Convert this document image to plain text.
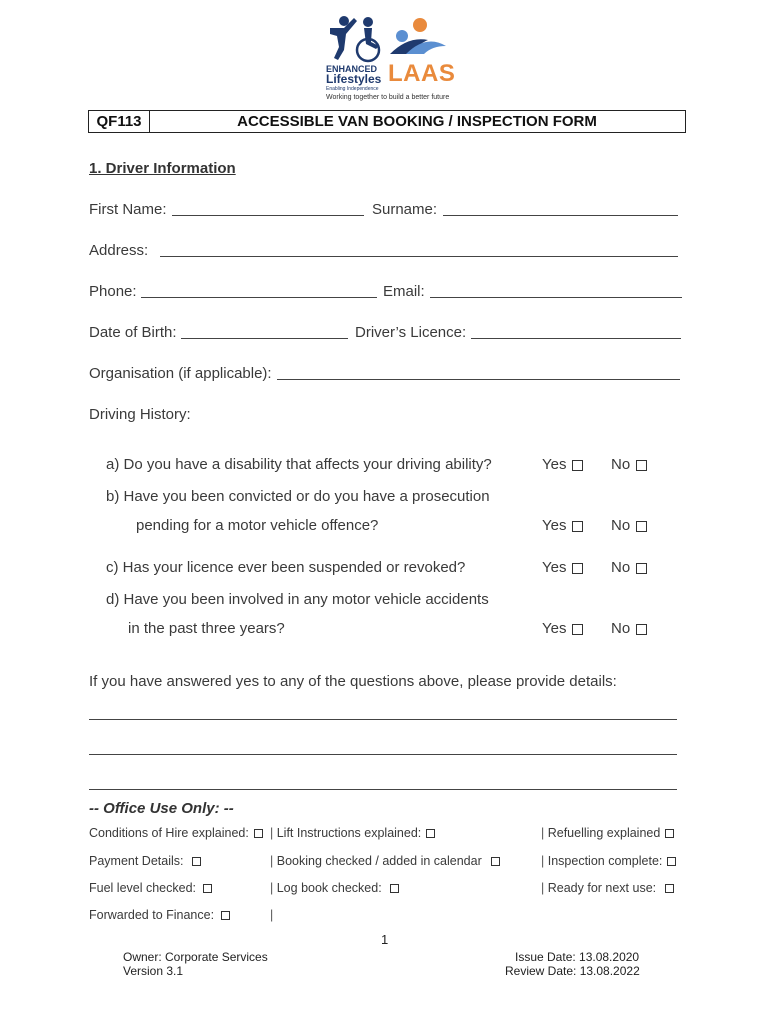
ENHANCED
Lifestyles
Enabling Independence
LAAS
Working together to build a better future
QF113	ACCESSIBLE VAN BOOKING / INSPECTION FORM
1. Driver Information
First Name:	Surname:
Address:
Phone:	Email:
Date of Birth:	Driver’s Licence:
Organisation (if applicable):
Driving History:
a) Do you have a disability that affects your driving ability?	Yes	No
b) Have you been convicted or do you have a prosecution
pending for a motor vehicle offence?	Yes	No
c) Has your licence ever been suspended or revoked?	Yes	No
d) Have you been involved in any motor vehicle accidents
in the past three years?	Yes	No
If you have answered yes to any of the questions above, please provide details:
-- Office Use Only: --
Conditions of Hire explained:	| Lift Instructions explained:	| Refuelling explained
Payment Details:	| Booking checked / added in calendar	| Inspection complete:
Fuel level checked:	| Log book checked:	| Ready for next use:
Forwarded to Finance:	|
1
Owner: Corporate Services
Version 3.1
Issue Date: 13.08.2020
Review Date: 13.08.2022
